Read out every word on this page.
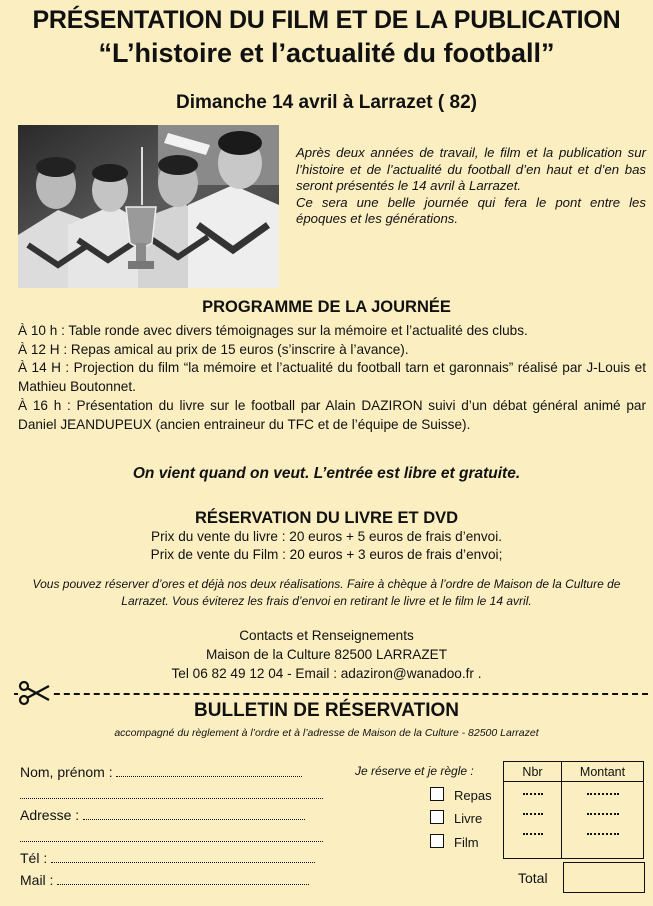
PRÉSENTATION DU FILM ET DE LA PUBLICATION
“L’histoire et l’actualité du football”
Dimanche 14 avril à Larrazet ( 82)

Après deux années de travail, le film et la publication sur l’histoire et de l’actualité du football d’en haut et d’en bas seront présentés le 14 avril à Larrazet.

Ce sera une belle journée qui fera le pont entre les époques et les générations.

PROGRAMME DE LA JOURNÉE

À 10 h : Table ronde avec divers témoignages sur la mémoire et l’actualité des clubs.

À 12 H : Repas amical au prix de 15 euros (s’inscrire à l’avance).

À 14 H : Projection du film “la mémoire et l’actualité du football tarn et garonnais” réalisé par J-Louis et Mathieu Boutonnet.

À 16 h : Présentation du livre sur le football par Alain DAZIRON suivi d’un débat général animé par Daniel JEANDUPEUX (ancien entraineur du TFC et de l’équipe de Suisse).

On vient quand on veut. L’entrée est libre et gratuite.
RÉSERVATION DU LIVRE ET DVD
Prix du vente du livre : 20 euros + 5 euros de frais d’envoi.
Prix de vente du Film : 20 euros + 3 euros de frais d’envoi;
Vous pouvez réserver d’ores et déjà nos deux réalisations. Faire à chèque à l’ordre de Maison de la Culture de Larrazet. Vous éviterez les frais d’envoi en retirant le livre et le film le 14 avril.
Contacts et Renseignements
Maison de la Culture 82500 LARRAZET
Tel 06 82 49 12 04 - Email : adaziron@wanadoo.fr .
BULLETIN DE RÉSERVATION
accompagné du règlement à l’ordre et à l’adresse de Maison de la Culture - 82500 Larrazet
Nom, prénom :
Adresse :
Tél :
Mail :
Je réserve et je règle :
Repas
Livre
Film
Nbr	Montant

Total
